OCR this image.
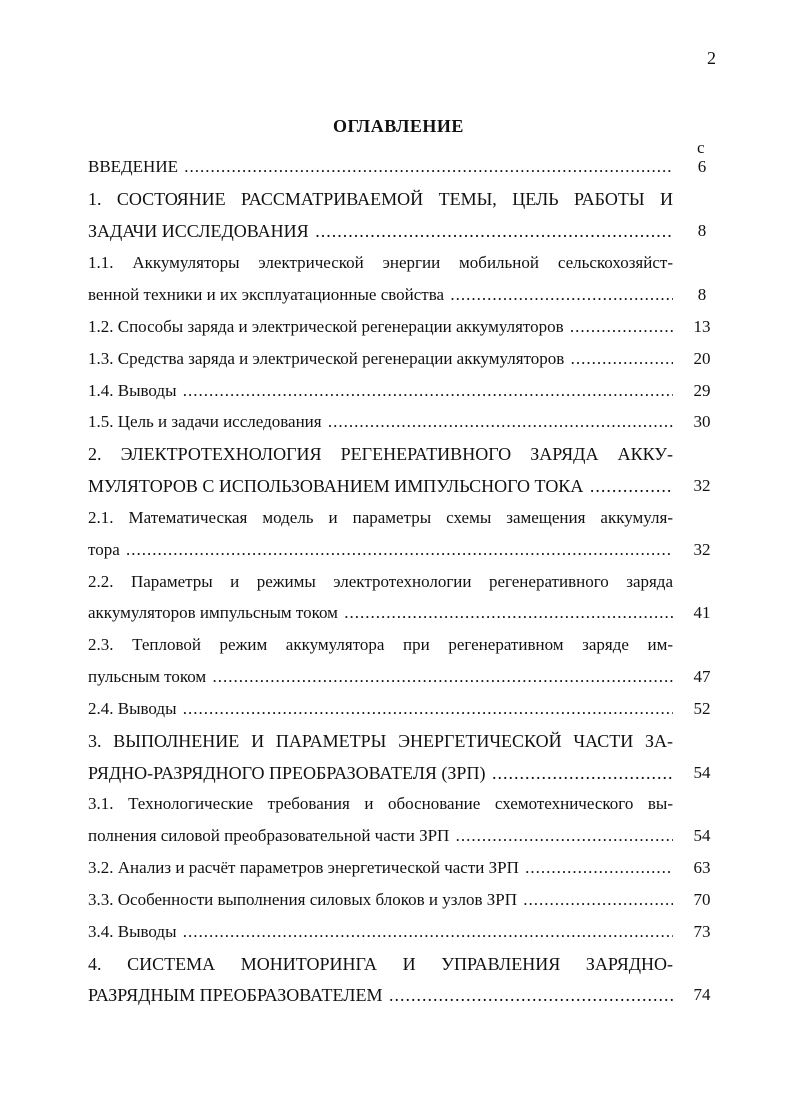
2
ОГЛАВЛЕНИЕ
с
ВВЕДЕНИЕ .....	6
1. СОСТОЯНИЕ РАССМАТРИВАЕМОЙ ТЕМЫ, ЦЕЛЬ РАБОТЫ И
ЗАДАЧИ ИССЛЕДОВАНИЯ .....	8
1.1. Аккумуляторы электрической энергии мобильной сельскохозяйст-
венной техники и их эксплуатационные свойства .....	8
1.2. Способы заряда и электрической регенерации аккумуляторов .....	13
1.3. Средства заряда и электрической регенерации аккумуляторов .....	20
1.4. Выводы .....	29
1.5. Цель и задачи исследования .....	30
2. ЭЛЕКТРОТЕХНОЛОГИЯ РЕГЕНЕРАТИВНОГО ЗАРЯДА АККУ-
МУЛЯТОРОВ С ИСПОЛЬЗОВАНИЕМ ИМПУЛЬСНОГО ТОКА .....	32
2.1. Математическая модель и параметры схемы замещения аккумуля-
тора .....	32
2.2. Параметры и режимы электротехнологии регенеративного заряда
аккумуляторов импульсным током .....	41
2.3. Тепловой режим аккумулятора при регенеративном заряде им-
пульсным током .....	47
2.4. Выводы .....	52
3. ВЫПОЛНЕНИЕ И ПАРАМЕТРЫ ЭНЕРГЕТИЧЕСКОЙ ЧАСТИ ЗА-
РЯДНО-РАЗРЯДНОГО ПРЕОБРАЗОВАТЕЛЯ (ЗРП) .....	54
3.1. Технологические требования и обоснование схемотехнического вы-
полнения силовой преобразовательной части ЗРП .....	54
3.2. Анализ и расчёт параметров энергетической части ЗРП .....	63
3.3. Особенности выполнения силовых блоков и узлов ЗРП .....	70
3.4. Выводы .....	73
4. СИСТЕМА МОНИТОРИНГА И УПРАВЛЕНИЯ ЗАРЯДНО-
РАЗРЯДНЫМ ПРЕОБРАЗОВАТЕЛЕМ .....	74
